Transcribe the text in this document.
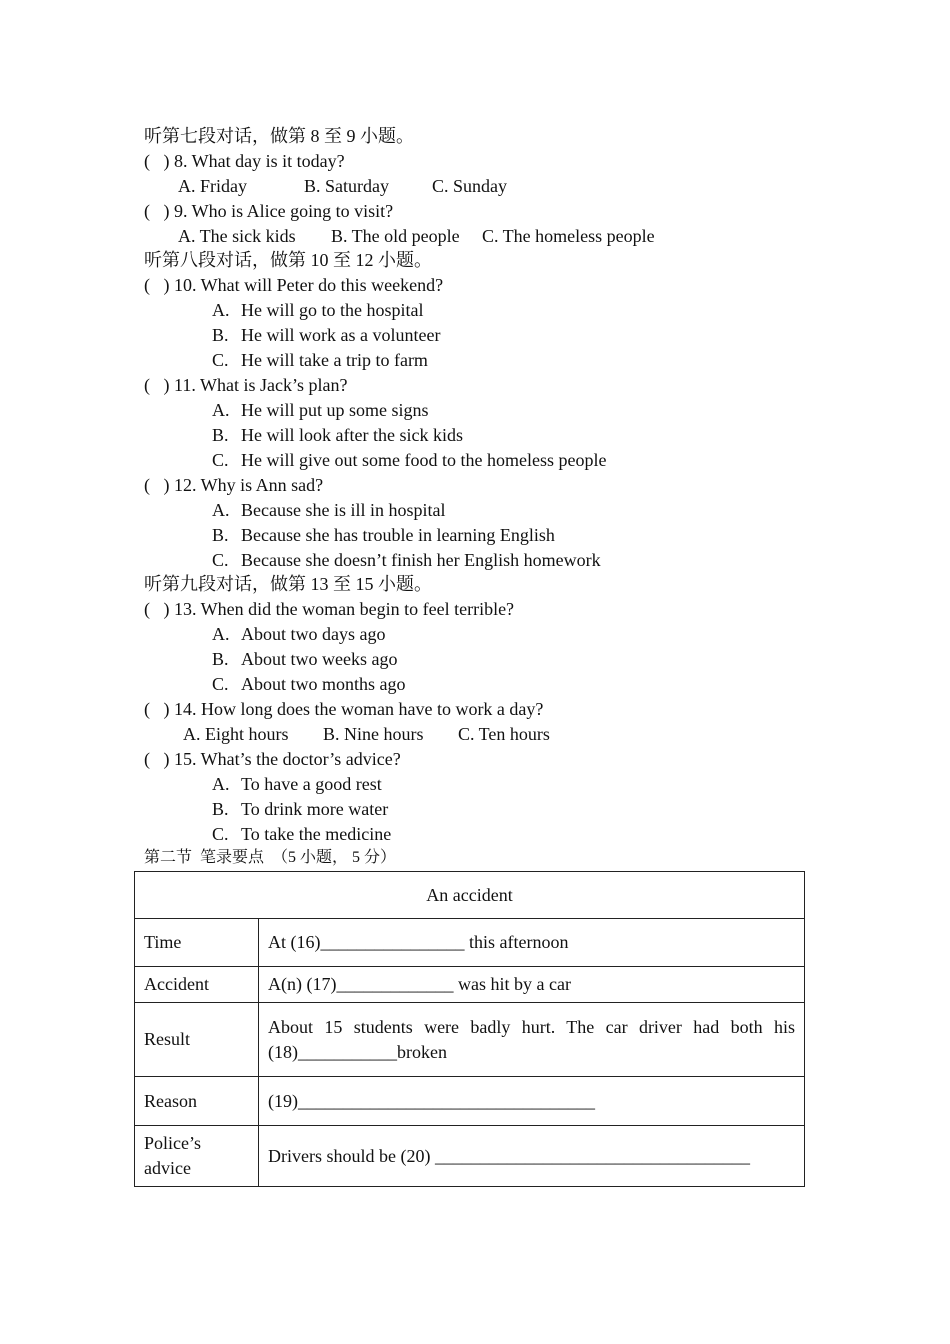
听第七段对话，做第 8 至 9 小题。
(   ) 8. What day is it today?
A. Friday	B. Saturday C. Sunday
(   ) 9. Who is Alice going to visit?
A. The sick kids B. The old people C. The homeless people
听第八段对话，做第 10 至 12 小题。
(   ) 10. What will Peter do this weekend?
A. He will go to the hospital
B. He will work as a volunteer
C. He will take a trip to farm
(   ) 11. What is Jack’s plan?
A. He will put up some signs
B. He will look after the sick kids
C. He will give out some food to the homeless people
(   ) 12. Why is Ann sad?
A. Because she is ill in hospital
B. Because she has trouble in learning English
C. Because she doesn’t finish her English homework
听第九段对话，做第 13 至 15 小题。
(   ) 13. When did the woman begin to feel terrible?
A. About two days ago
B. About two weeks ago
C. About two months ago
(   ) 14. How long does the woman have to work a day?
A. Eight hours B. Nine hours C. Ten hours
(   ) 15. What’s the doctor’s advice?
A. To have a good rest
B. To drink more water
C. To take the medicine
第二节  笔录要点  （5 小题， 5 分）
An accident	
Time	At (16)________________ this afternoon
Accident	A(n) (17)_____________ was hit by a car
Result	About 15 students were badly hurt. The car driver had both his (18)___________broken
Reason	(19)_________________________________
Police’s advice	Drivers should be (20) ___________________________________
